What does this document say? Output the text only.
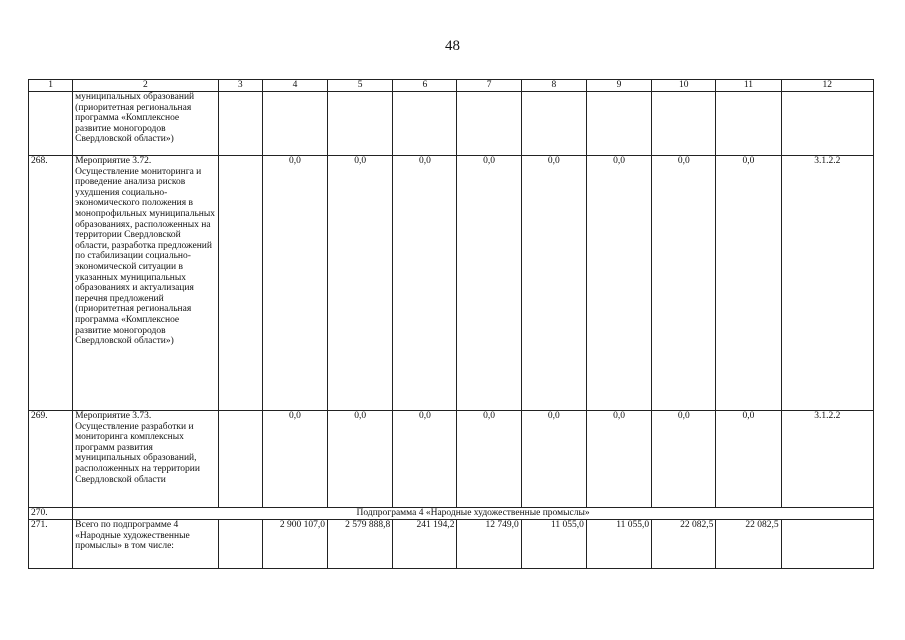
48
1	2	3	4	5	6	7	8	9	10	11	12
	муниципальных образований (приоритетная региональная программа «Комплексное развитие моногородов Свердловской области»)										
268.	Мероприятие 3.72. Осуществление мониторинга и проведение анализа рисков ухудшения социально-экономического положения в монопрофильных муниципальных образованиях, расположенных на территории Свердловской области, разработка предложений по стабилизации социально-экономической ситуации в указанных муниципальных образованиях и актуализация перечня предложений (приоритетная региональная программа «Комплексное развитие моногородов Свердловской области»)		0,0	0,0	0,0	0,0	0,0	0,0	0,0	0,0	3.1.2.2
269.	Мероприятие 3.73. Осуществление разработки и мониторинга комплексных программ развития муниципальных образований, расположенных на территории Свердловской области		0,0	0,0	0,0	0,0	0,0	0,0	0,0	0,0	3.1.2.2
270.	Подпрограмма 4 «Народные художественные промыслы»										
271.	Всего по подпрограмме 4 «Народные художественные промыслы» в том числе:		2 900 107,0	2 579 888,8	241 194,2	12 749,0	11 055,0	11 055,0	22 082,5	22 082,5	
